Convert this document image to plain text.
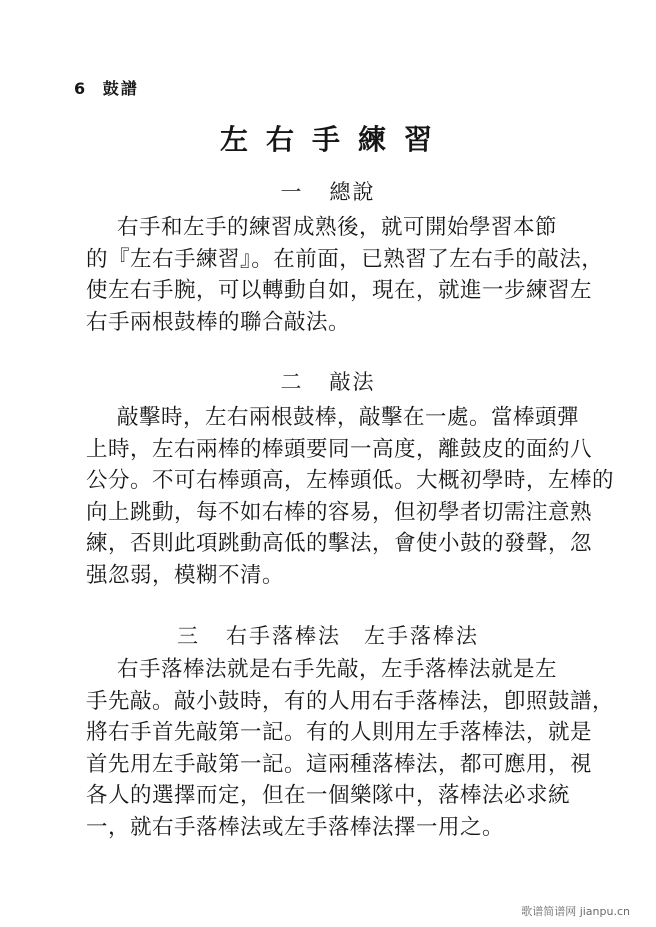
6 鼓譜
左右手練習
一 總說
右手和左手的練習成熟後，就可開始學習本節
的『左右手練習』。在前面，已熟習了左右手的敲法，
使左右手腕，可以轉動自如，現在，就進一步練習左
右手兩根鼓棒的聯合敲法。
二 敲法
敲擊時，左右兩根鼓棒，敲擊在一處。當棒頭彈
上時，左右兩棒的棒頭要同一高度，離鼓皮的面約八
公分。不可右棒頭高，左棒頭低。大概初學時，左棒的
向上跳動，每不如右棒的容易，但初學者切需注意熟
練，否則此項跳動高低的擊法，會使小鼓的發聲，忽
强忽弱，模糊不清。
三 右手落棒法　左手落棒法
右手落棒法就是右手先敲，左手落棒法就是左
手先敲。敲小鼓時，有的人用右手落棒法，卽照鼓譜，
將右手首先敲第一記。有的人則用左手落棒法，就是
首先用左手敲第一記。這兩種落棒法，都可應用，視
各人的選擇而定，但在一個樂隊中，落棒法必求統
一，就右手落棒法或左手落棒法擇一用之。
歌谱简谱网 jianpu.cn
